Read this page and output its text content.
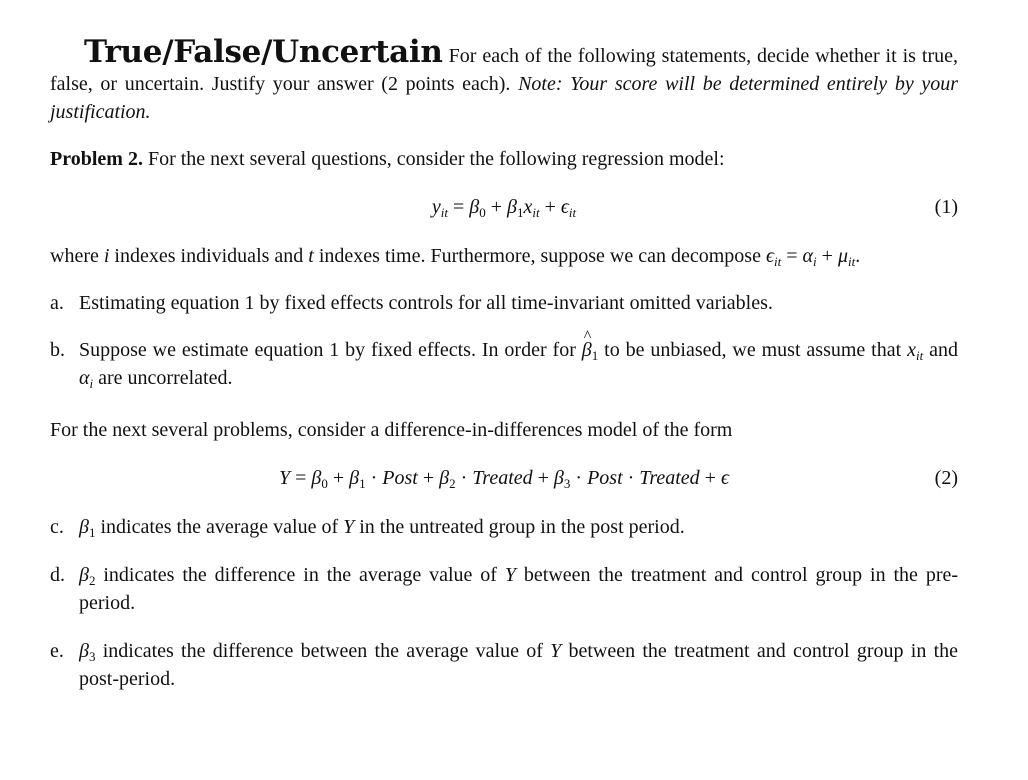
True/False/Uncertain For each of the following statements, decide whether it is true, false, or uncertain. Justify your answer (2 points each). Note: Your score will be determined entirely by your justification.

Problem 2. For the next several questions, consider the following regression model:

$y_{it} = \beta_0 + \beta_1x_{it} + \epsilon_{it}$	(1)

where i indexes individuals and t indexes time. Furthermore, suppose we can decompose $\epsilon_{it} = \alpha_i + \mu_{it}$.

a. Estimating equation 1 by fixed effects controls for all time-invariant omitted variables.
b. Suppose we estimate equation 1 by fixed effects. In order for ^ $\beta_1$ to be unbiased, we must assume that $x_{it}$ and $\alpha_i$ are uncorrelated.

For the next several problems, consider a difference-in-differences model of the form

$Y = \beta_0 + \beta_1$ · Post + $\beta_2$ · Treated + $\beta_3$ · Post · Treated + ϵ	(2)
c. $\beta_1$ indicates the average value of Y in the untreated group in the post period.
d. $\beta_2$ indicates the difference in the average value of Y between the treatment and control group in the pre-period.
e. $\beta_3$ indicates the difference between the average value of Y between the treatment and control group in the post-period.
